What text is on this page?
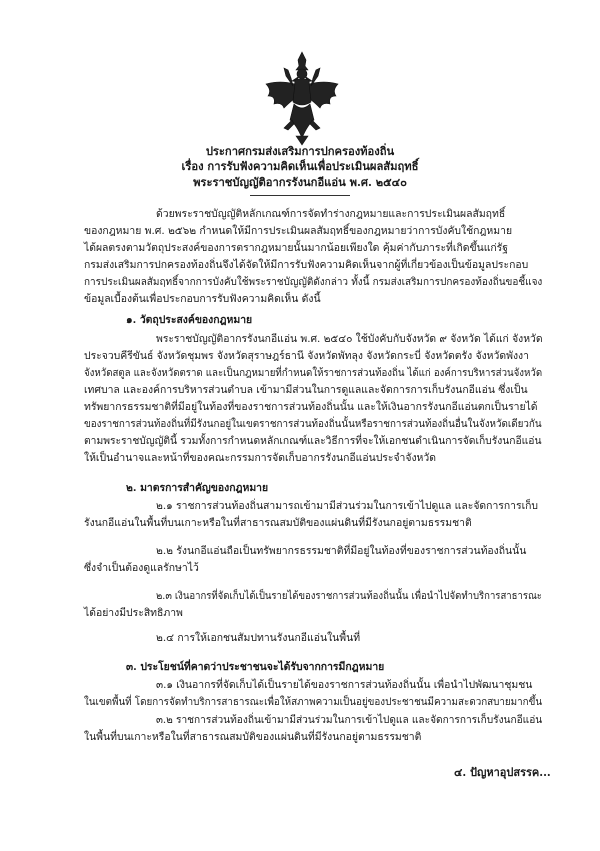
ประกาศกรมส่งเสริมการปกครองท้องถิ่น
เรื่อง การรับฟังความคิดเห็นเพื่อประเมินผลสัมฤทธิ์
พระราชบัญญัติอากรรังนกอีแอ่น พ.ศ. ๒๕๔๐
ด้วยพระราชบัญญัติหลักเกณฑ์การจัดทำร่างกฎหมายและการประเมินผลสัมฤทธิ์
ของกฎหมาย พ.ศ. ๒๕๖๒ กำหนดให้มีการประเมินผลสัมฤทธิ์ของกฎหมายว่าการบังคับใช้กฎหมาย
ได้ผลตรงตามวัตถุประสงค์ของการตรากฎหมายนั้นมากน้อยเพียงใด คุ้มค่ากับภาระที่เกิดขึ้นแก่รัฐ
กรมส่งเสริมการปกครองท้องถิ่นจึงได้จัดให้มีการรับฟังความคิดเห็นจากผู้ที่เกี่ยวข้องเป็นข้อมูลประกอบ
การประเมินผลสัมฤทธิ์จากการบังคับใช้พระราชบัญญัติดังกล่าว ทั้งนี้ กรมส่งเสริมการปกครองท้องถิ่นขอชี้แจง
ข้อมูลเบื้องต้นเพื่อประกอบการรับฟังความคิดเห็น ดังนี้
๑. วัตถุประสงค์ของกฎหมาย
พระราชบัญญัติอากรรังนกอีแอ่น พ.ศ. ๒๕๔๐ ใช้บังคับกับจังหวัด ๙ จังหวัด ได้แก่ จังหวัด
ประจวบคีรีขันธ์ จังหวัดชุมพร จังหวัดสุราษฎร์ธานี จังหวัดพัทลุง จังหวัดกระบี่ จังหวัดตรัง จังหวัดพังงา
จังหวัดสตูล และจังหวัดตราด และเป็นกฎหมายที่กำหนดให้ราชการส่วนท้องถิ่น ได้แก่ องค์การบริหารส่วนจังหวัด
เทศบาล และองค์การบริหารส่วนตำบล เข้ามามีส่วนในการดูแลและจัดการการเก็บรังนกอีแอ่น ซึ่งเป็น
ทรัพยากรธรรมชาติที่มีอยู่ในท้องที่ของราชการส่วนท้องถิ่นนั้น และให้เงินอากรรังนกอีแอ่นตกเป็นรายได้
ของราชการส่วนท้องถิ่นที่มีรังนกอยู่ในเขตราชการส่วนท้องถิ่นนั้นหรือราชการส่วนท้องถิ่นอื่นในจังหวัดเดียวกัน
ตามพระราชบัญญัตินี้ รวมทั้งการกำหนดหลักเกณฑ์และวิธีการที่จะให้เอกชนดำเนินการจัดเก็บรังนกอีแอ่น
ให้เป็นอำนาจและหน้าที่ของคณะกรรมการจัดเก็บอากรรังนกอีแอ่นประจำจังหวัด
๒. มาตรการสำคัญของกฎหมาย
๒.๑ ราชการส่วนท้องถิ่นสามารถเข้ามามีส่วนร่วมในการเข้าไปดูแล และจัดการการเก็บ
รังนกอีแอ่นในพื้นที่บนเกาะหรือในที่สาธารณสมบัติของแผ่นดินที่มีรังนกอยู่ตามธรรมชาติ
๒.๒ รังนกอีแอ่นถือเป็นทรัพยากรธรรมชาติที่มีอยู่ในท้องที่ของราชการส่วนท้องถิ่นนั้น
ซึ่งจำเป็นต้องดูแลรักษาไว้
๒.๓ เงินอากรที่จัดเก็บได้เป็นรายได้ของราชการส่วนท้องถิ่นนั้น เพื่อนำไปจัดทำบริการสาธารณะ
ได้อย่างมีประสิทธิภาพ
๒.๔ การให้เอกชนสัมปทานรังนกอีแอ่นในพื้นที่
๓. ประโยชน์ที่คาดว่าประชาชนจะได้รับจากการมีกฎหมาย
๓.๑ เงินอากรที่จัดเก็บได้เป็นรายได้ของราชการส่วนท้องถิ่นนั้น เพื่อนำไปพัฒนาชุมชน
ในเขตพื้นที่ โดยการจัดทำบริการสาธารณะเพื่อให้สภาพความเป็นอยู่ของประชาชนมีความสะดวกสบายมากขึ้น
๓.๒ ราชการส่วนท้องถิ่นเข้ามามีส่วนร่วมในการเข้าไปดูแล และจัดการการเก็บรังนกอีแอ่น
ในพื้นที่บนเกาะหรือในที่สาธารณสมบัติของแผ่นดินที่มีรังนกอยู่ตามธรรมชาติ
๔. ปัญหาอุปสรรค...
